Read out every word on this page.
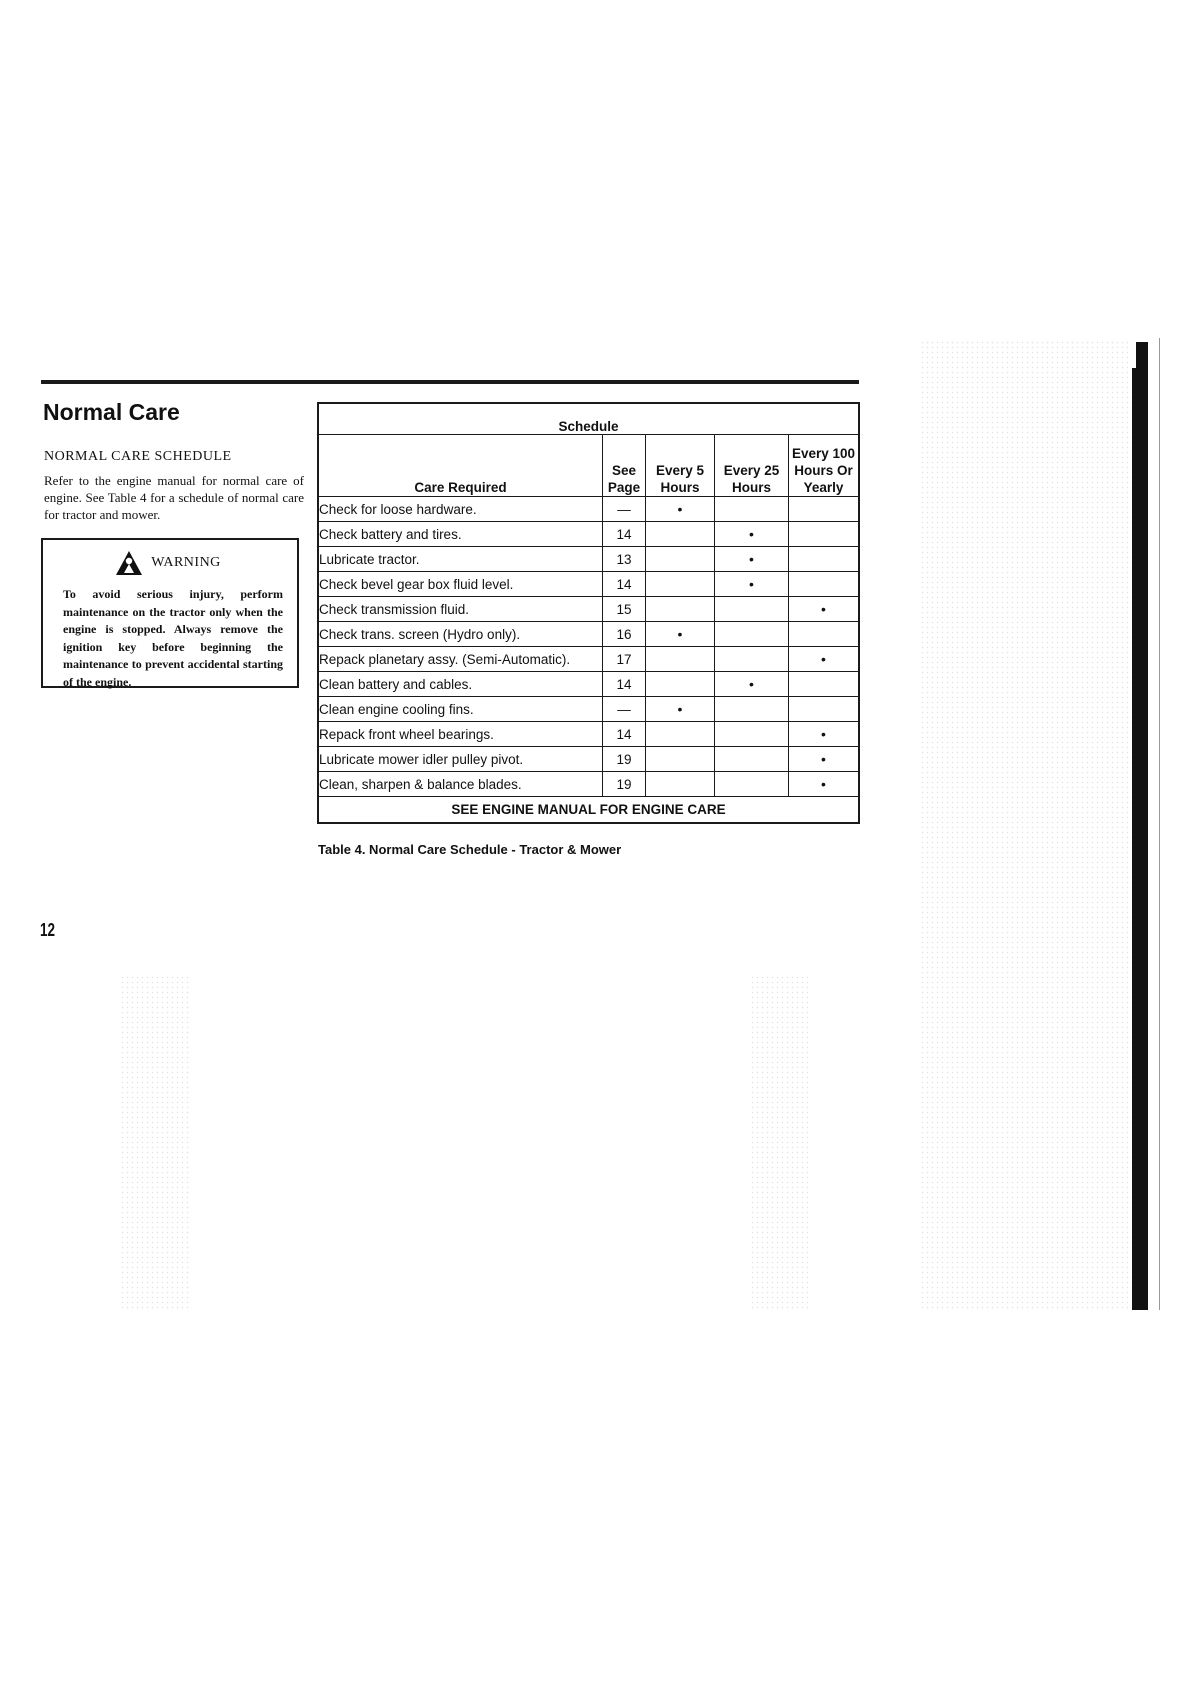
Normal Care
NORMAL CARE SCHEDULE
Refer to the engine manual for normal care of engine. See Table 4 for a schedule of normal care for tractor and mower.
WARNING
To avoid serious injury, perform maintenance on the tractor only when the engine is stopped. Always remove the ignition key before beginning the maintenance to prevent accidental starting of the engine.
Schedule				
Care Required	See Page	Every 5 Hours	Every 25 Hours	Every 100 Hours Or Yearly
Check for loose hardware.	—	•		
Check battery and tires.	14		•	
Lubricate tractor.	13		•	
Check bevel gear box fluid level.	14		•	
Check transmission fluid.	15			•
Check trans. screen (Hydro only).	16	•		
Repack planetary assy. (Semi-Automatic).	17			•
Clean battery and cables.	14		•	
Clean engine cooling fins.	—	•		
Repack front wheel bearings.	14			•
Lubricate mower idler pulley pivot.	19			•
Clean, sharpen & balance blades.	19			•
SEE ENGINE MANUAL FOR ENGINE CARE				
Table 4. Normal Care Schedule - Tractor & Mower
12
